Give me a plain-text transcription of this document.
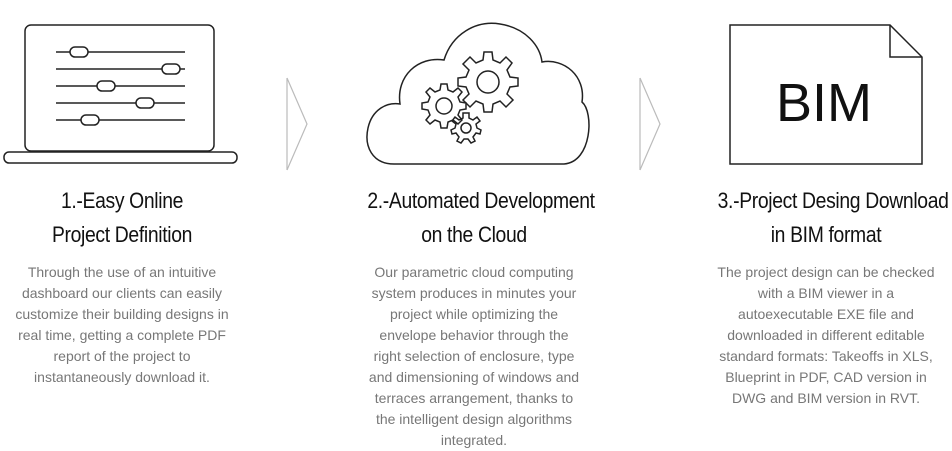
1.-Easy Online
Project Definition
Through the use of an intuitive
dashboard our clients can easily
customize their building designs in
real time, getting a complete PDF
report of the project to
instantaneously download it.
2.-Automated Development
on the Cloud
Our parametric cloud computing
system produces in minutes your
project while optimizing the
envelope behavior through the
right selection of enclosure, type
and dimensioning of windows and
terraces arrangement, thanks to
the intelligent design algorithms
integrated.
BIM
3.-Project Desing Download
in BIM format
The project design can be checked
with a BIM viewer in a
autoexecutable EXE file and
downloaded in different editable
standard formats: Takeoffs in XLS,
Blueprint in PDF, CAD version in
DWG and BIM version in RVT.
